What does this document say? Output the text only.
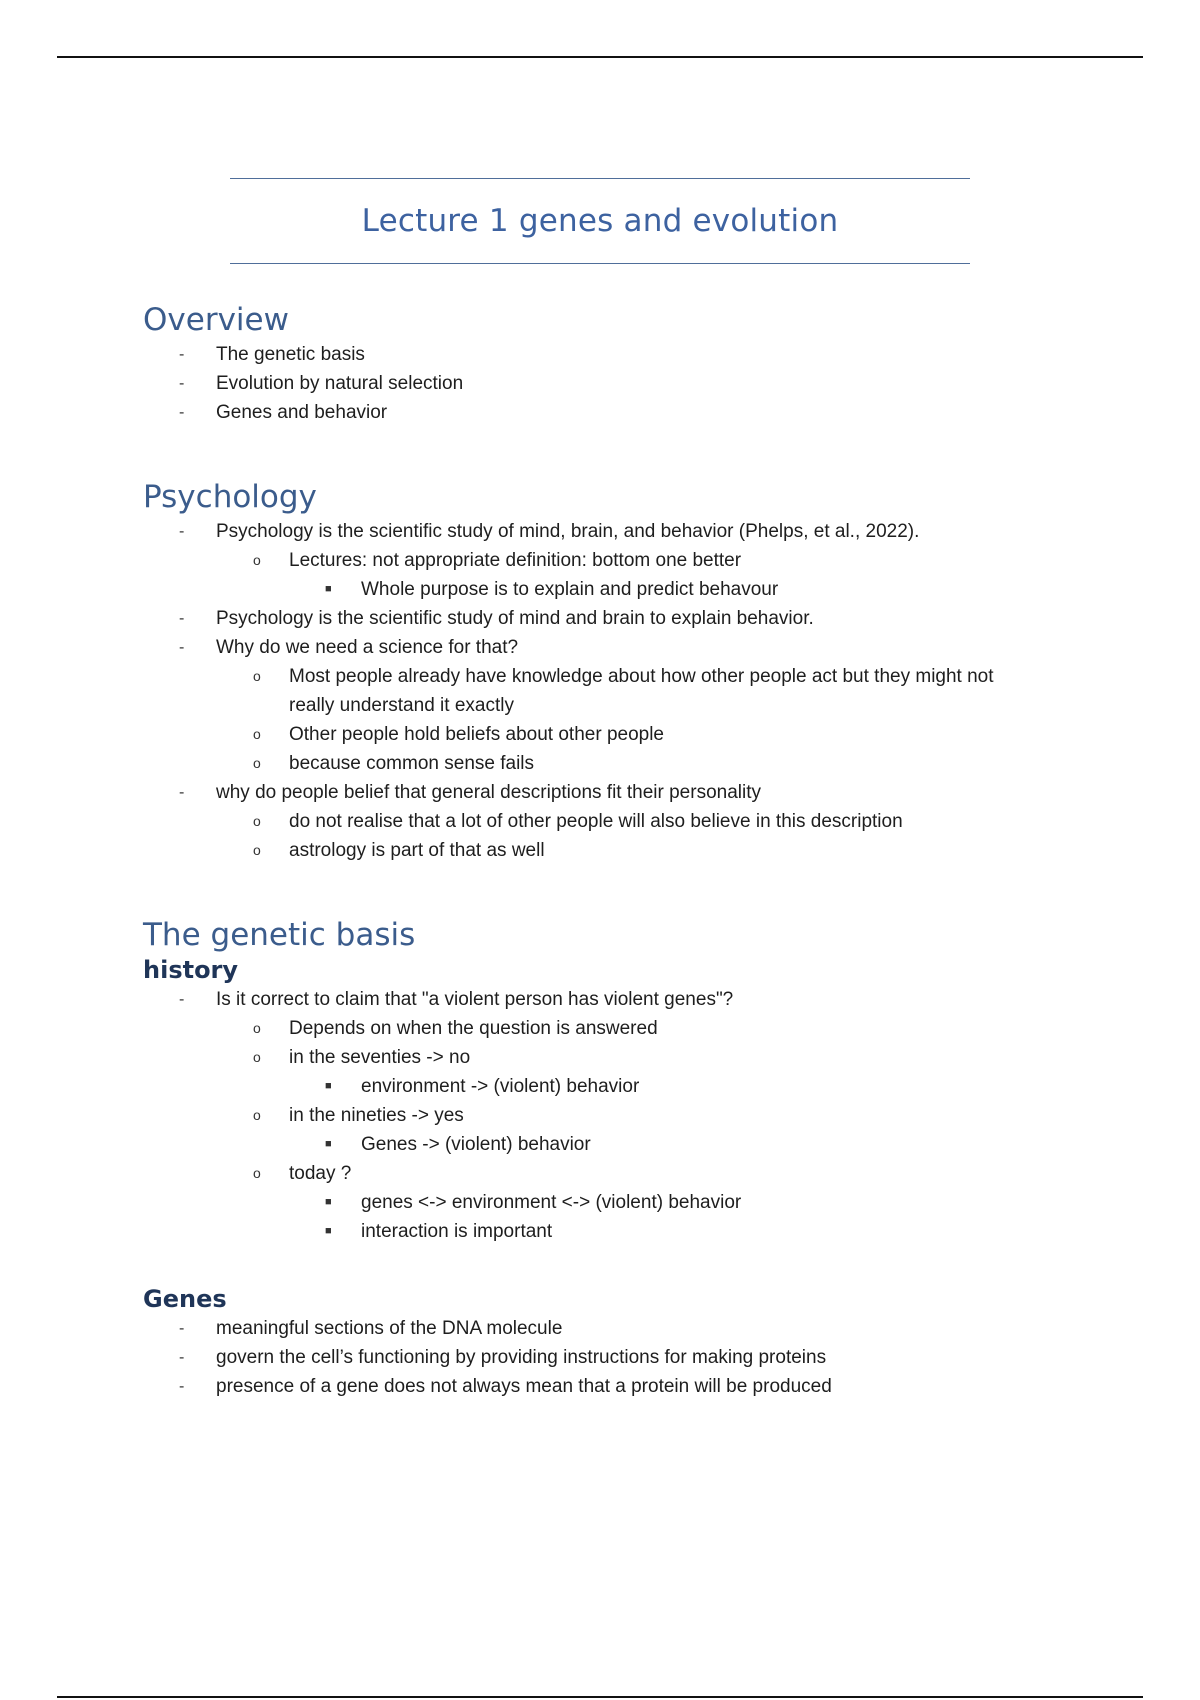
Lecture 1 genes and evolution
Overview
- The genetic basis
- Evolution by natural selection
- Genes and behavior
Psychology
- Psychology is the scientific study of mind, brain, and behavior (Phelps, et al., 2022).
o Lectures: not appropriate definition: bottom one better
■ Whole purpose is to explain and predict behavour
- Psychology is the scientific study of mind and brain to explain behavior.
- Why do we need a science for that?
o Most people already have knowledge about how other people act but they might not really understand it exactly
o Other people hold beliefs about other people
o because common sense fails
- why do people belief that general descriptions fit their personality
o do not realise that a lot of other people will also believe in this description
o astrology is part of that as well
The genetic basis
history
- Is it correct to claim that "a violent person has violent genes"?
o Depends on when the question is answered
o in the seventies -> no
■ environment -> (violent) behavior
o in the nineties -> yes
■ Genes -> (violent) behavior
o today ?
■ genes <-> environment <-> (violent) behavior
■ interaction is important
Genes
- meaningful sections of the DNA molecule
- govern the cell’s functioning by providing instructions for making proteins
- presence of a gene does not always mean that a protein will be produced
